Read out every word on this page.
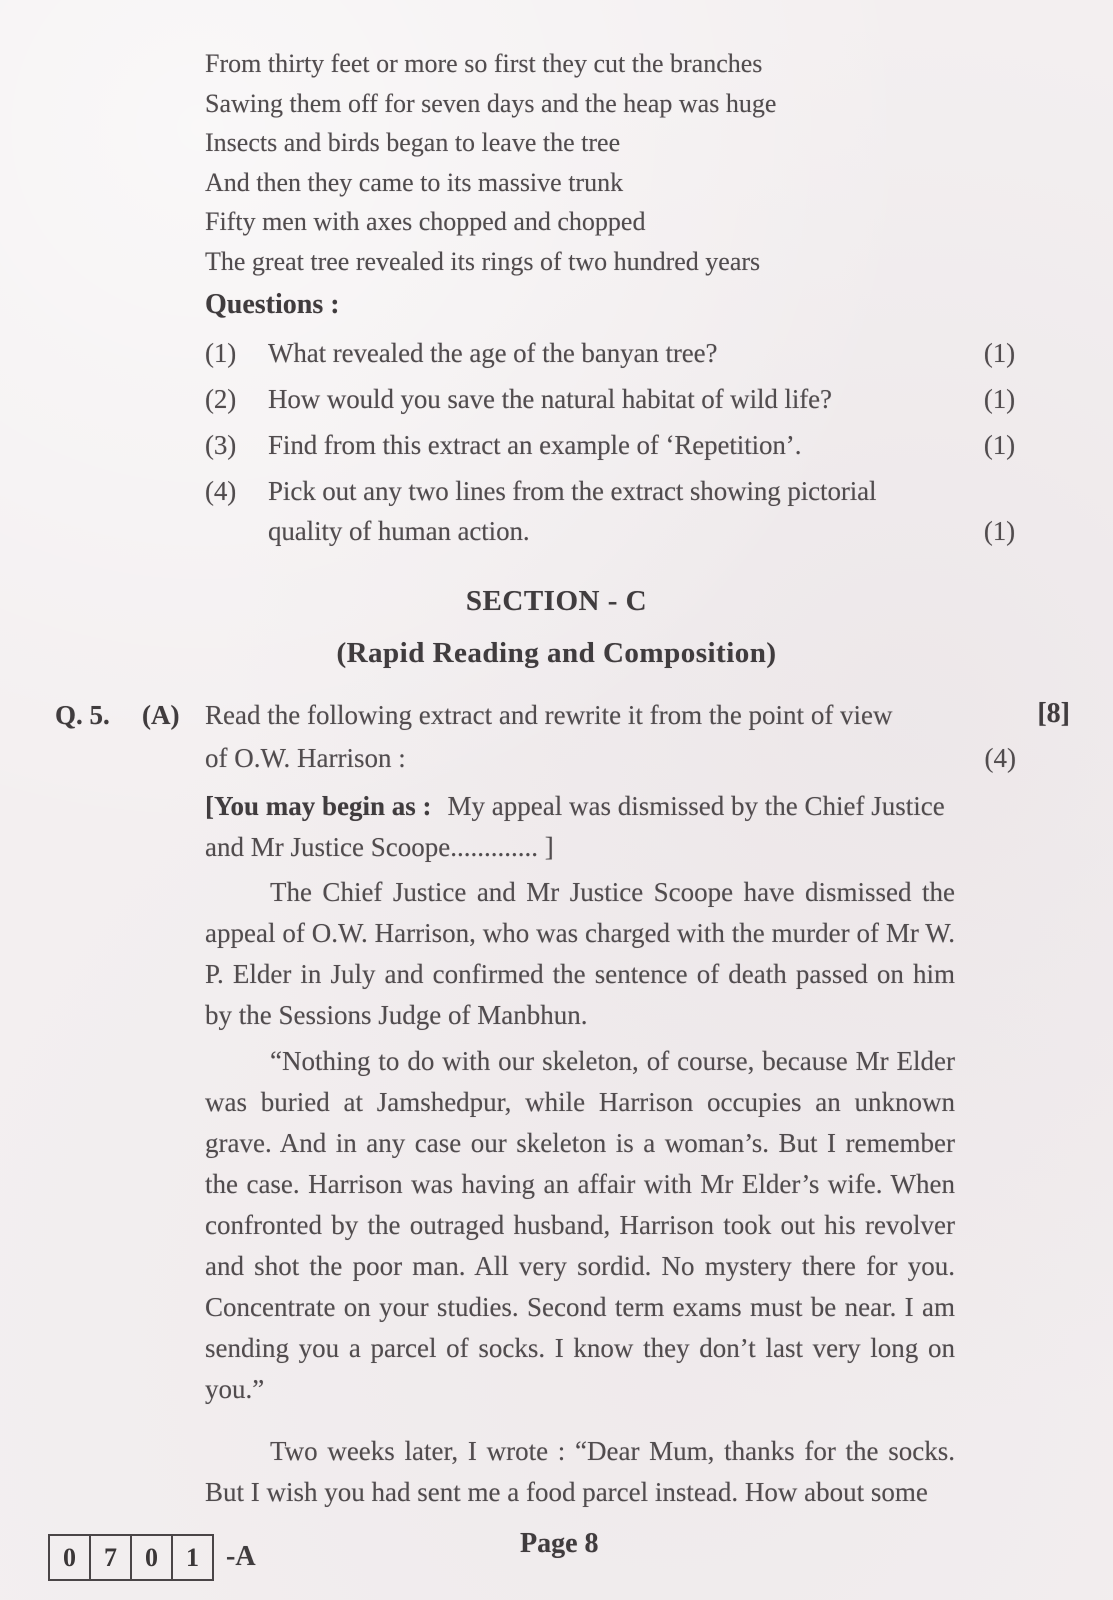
From thirty feet or more so first they cut the branches
Sawing them off for seven days and the heap was huge
Insects and birds began to leave the tree
And then they came to its massive trunk
Fifty men with axes chopped and chopped
The great tree revealed its rings of two hundred years
Questions :
(1)	What revealed the age of the banyan tree?	(1)
(2)	How would you save the natural habitat of wild life?	(1)
(3)	Find from this extract an example of ‘Repetition’.	(1)
(4)	Pick out any two lines from the extract showing pictorial quality of human action.	(1)
SECTION - C
(Rapid Reading and Composition)
Q. 5. (A) Read the following extract and rewrite it from the point of view	[8]
of O.W. Harrison :	(4)
[You may begin as : My appeal was dismissed by the Chief Justice and Mr Justice Scoope............. ]

The Chief Justice and Mr Justice Scoope have dismissed the appeal of O.W. Harrison, who was charged with the murder of Mr W. P. Elder in July and confirmed the sentence of death passed on him by the Sessions Judge of Manbhun.

“Nothing to do with our skeleton, of course, because Mr Elder was buried at Jamshedpur, while Harrison occupies an unknown grave. And in any case our skeleton is a woman’s. But I remember the case. Harrison was having an affair with Mr Elder’s wife. When confronted by the outraged husband, Harrison took out his revolver and shot the poor man. All very sordid. No mystery there for you. Concentrate on your studies. Second term exams must be near. I am sending you a parcel of socks. I know they don’t last very long on you.”

Two weeks later, I wrote : “Dear Mum, thanks for the socks. But I wish you had sent me a food parcel instead. How about some

0	7	0	1 -A	Page 8
